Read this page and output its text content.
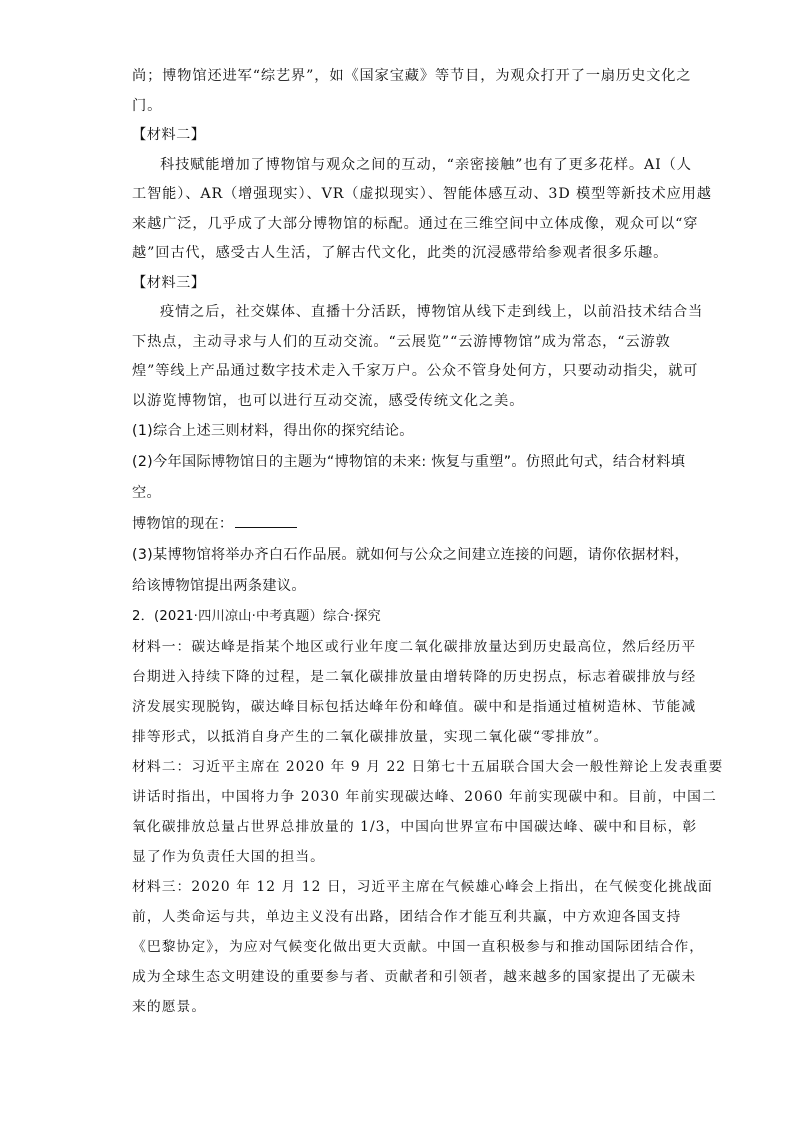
尚；博物馆还进军“综艺界”，如《国家宝藏》等节目，为观众打开了一扇历史文化之
门。
【材料二】
科技赋能增加了博物馆与观众之间的互动，“亲密接触”也有了更多花样。AI（人
工智能）、AR（增强现实）、VR（虚拟现实）、智能体感互动、3D 模型等新技术应用越
来越广泛，几乎成了大部分博物馆的标配。通过在三维空间中立体成像，观众可以“穿
越”回古代，感受古人生活，了解古代文化，此类的沉浸感带给参观者很多乐趣。
【材料三】
疫情之后，社交媒体、直播十分活跃，博物馆从线下走到线上，以前沿技术结合当
下热点，主动寻求与人们的互动交流。“云展览”“云游博物馆”成为常态，“云游敦
煌”等线上产品通过数字技术走入千家万户。公众不管身处何方，只要动动指尖，就可
以游览博物馆，也可以进行互动交流，感受传统文化之美。
(1)综合上述三则材料，得出你的探究结论。
(2)今年国际博物馆日的主题为“博物馆的未来: 恢复与重塑”。仿照此句式，结合材料填
空。
博物馆的现在：
(3)某博物馆将举办齐白石作品展。就如何与公众之间建立连接的问题，请你依据材料，
给该博物馆提出两条建议。
2．(2021·四川凉山·中考真题）综合·探究
材料一：碳达峰是指某个地区或行业年度二氧化碳排放量达到历史最高位，然后经历平
台期进入持续下降的过程，是二氧化碳排放量由增转降的历史拐点，标志着碳排放与经
济发展实现脱钩，碳达峰目标包括达峰年份和峰值。碳中和是指通过植树造林、节能减
排等形式，以抵消自身产生的二氧化碳排放量，实现二氧化碳“零排放”。
材料二：习近平主席在 2020 年 9 月 22 日第七十五届联合国大会一般性辩论上发表重要
讲话时指出，中国将力争 2030 年前实现碳达峰、2060 年前实现碳中和。目前，中国二
氧化碳排放总量占世界总排放量的 1/3，中国向世界宣布中国碳达峰、碳中和目标，彰
显了作为负责任大国的担当。
材料三：2020 年 12 月 12 日，习近平主席在气候雄心峰会上指出，在气候变化挑战面
前，人类命运与共，单边主义没有出路，团结合作才能互利共赢，中方欢迎各国支持
《巴黎协定》，为应对气候变化做出更大贡献。中国一直积极参与和推动国际团结合作，
成为全球生态文明建设的重要参与者、贡献者和引领者，越来越多的国家提出了无碳未
来的愿景。
